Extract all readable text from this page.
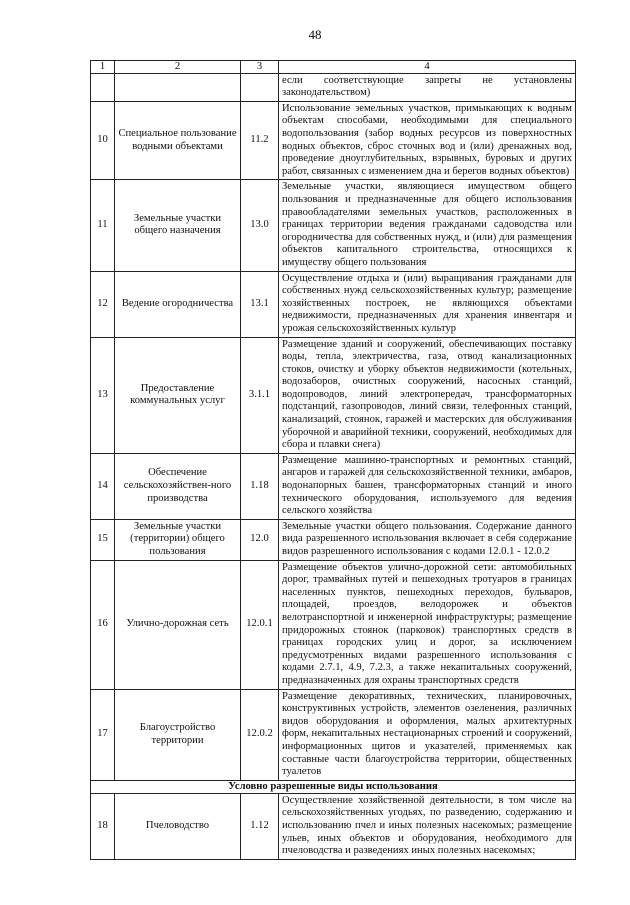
48
1	2	3	4
			если соответствующие запреты не установлены законодательством)
10	Специальное пользование водными объектами	11.2	Использование земельных участков, примыкающих к водным объектам способами, необходимыми для специального водопользования (забор водных ресурсов из поверхностных водных объектов, сброс сточных вод и (или) дренажных вод, проведение дноуглубительных, взрывных, буровых и других работ, связанных с изменением дна и берегов водных объектов)
11	Земельные участки общего назначения	13.0	Земельные участки, являющиеся имуществом общего пользования и предназначенные для общего использования правообладателями земельных участков, расположенных в границах территории ведения гражданами садоводства или огородничества для собственных нужд, и (или) для размещения объектов капитального строительства, относящихся к имуществу общего пользования
12	Ведение огородничества	13.1	Осуществление отдыха и (или) выращивания гражданами для собственных нужд сельскохозяйственных культур; размещение хозяйственных построек, не являющихся объектами недвижимости, предназначенных для хранения инвентаря и урожая сельскохозяйственных культур
13	Предоставление коммунальных услуг	3.1.1	Размещение зданий и сооружений, обеспечивающих поставку воды, тепла, электричества, газа, отвод канализационных стоков, очистку и уборку объектов недвижимости (котельных, водозаборов, очистных сооружений, насосных станций, водопроводов, линий электропередач, трансформаторных подстанций, газопроводов, линий связи, телефонных станций, канализаций, стоянок, гаражей и мастерских для обслуживания уборочной и аварийной техники, сооружений, необходимых для сбора и плавки снега)
14	Обеспечение сельскохозяйствен-ного производства	1.18	Размещение машинно-транспортных и ремонтных станций, ангаров и гаражей для сельскохозяйственной техники, амбаров, водонапорных башен, трансформаторных станций и иного технического оборудования, используемого для ведения сельского хозяйства
15	Земельные участки (территории) общего пользования	12.0	Земельные участки общего пользования. Содержание данного вида разрешенного использования включает в себя содержание видов разрешенного использования с кодами 12.0.1 - 12.0.2
16	Улично-дорожная сеть	12.0.1	Размещение объектов улично-дорожной сети: автомобильных дорог, трамвайных путей и пешеходных тротуаров в границах населенных пунктов, пешеходных переходов, бульваров, площадей, проездов, велодорожек и объектов велотранспортной и инженерной инфраструктуры; размещение придорожных стоянок (парковок) транспортных средств в границах городских улиц и дорог, за исключением предусмотренных видами разрешенного использования с кодами 2.7.1, 4.9, 7.2.3, а также некапитальных сооружений, предназначенных для охраны транспортных средств
17	Благоустройство территории	12.0.2	Размещение декоративных, технических, планировочных, конструктивных устройств, элементов озеленения, различных видов оборудования и оформления, малых архитектурных форм, некапитальных нестационарных строений и сооружений, информационных щитов и указателей, применяемых как составные части благоустройства территории, общественных туалетов
Условно разрешенные виды использования			
18	Пчеловодство	1.12	Осуществление хозяйственной деятельности, в том числе на сельскохозяйственных угодьях, по разведению, содержанию и использованию пчел и иных полезных насекомых; размещение ульев, иных объектов и оборудования, необходимого для пчеловодства и разведениях иных полезных насекомых;
